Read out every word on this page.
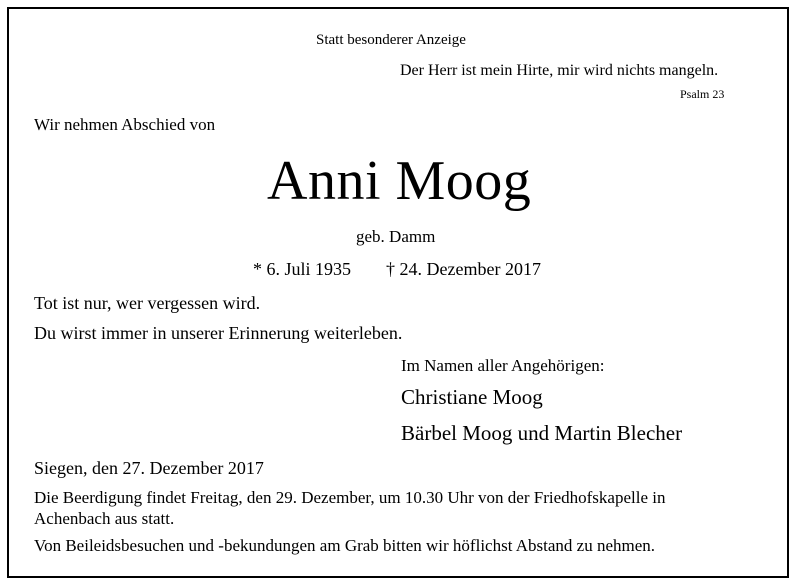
Statt besonderer Anzeige
Der Herr ist mein Hirte, mir wird nichts mangeln.
Psalm 23
Wir nehmen Abschied von
Anni Moog
geb. Damm
* 6. Juli 1935 † 24. Dezember 2017
Tot ist nur, wer vergessen wird.
Du wirst immer in unserer Erinnerung weiterleben.
Im Namen aller Angehörigen:
Christiane Moog
Bärbel Moog und Martin Blecher
Siegen, den 27. Dezember 2017
Die Beerdigung findet Freitag, den 29. Dezember, um 10.30 Uhr von der Friedhofskapelle in Achenbach aus statt.
Von Beileidsbesuchen und -bekundungen am Grab bitten wir höflichst Abstand zu nehmen.
